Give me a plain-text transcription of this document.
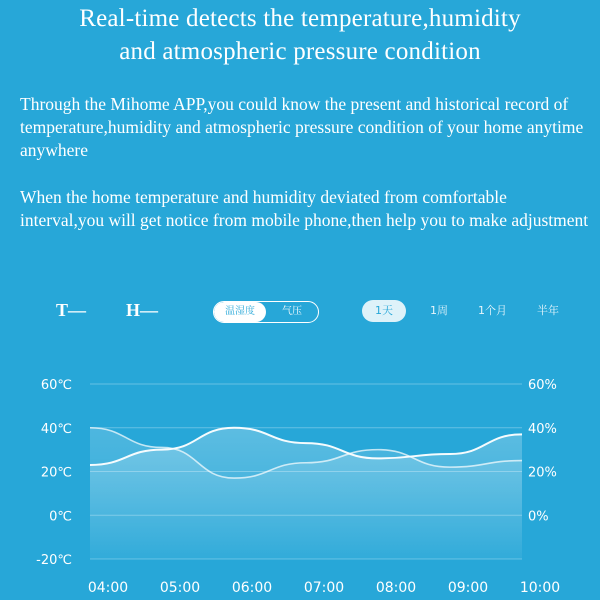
Real-time detects the temperature,humidity
and atmospheric pressure condition
Through the Mihome APP,you could know the present and historical record of temperature,humidity and atmospheric pressure condition of your home anytime anywhere
When the home temperature and humidity deviated from comfortable interval,you will get notice from mobile phone,then help you to make adjustment
T— H—	温湿度	气压	1天	1周	1个月	半年
60℃
40℃
20℃
0℃
-20℃
60%
40%
20%
0%
04:00 05:00 06:00 07:00 08:00 09:00 10:00
